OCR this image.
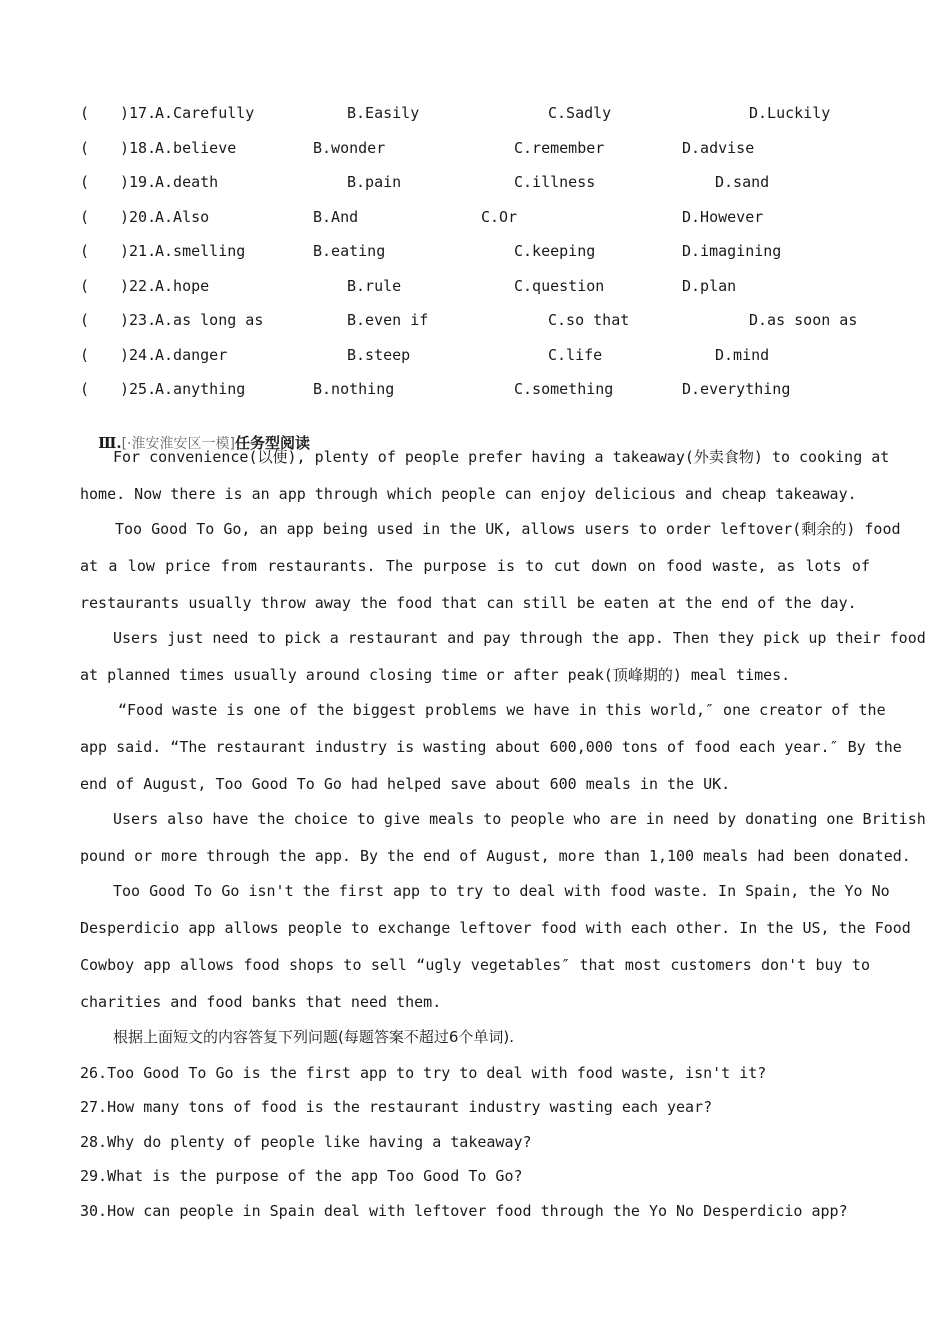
( )17.
A.Carefully	B.Easily	C.Sadly	D.Luckily
( )18.
A.believe	B.wonder	C.remember	D.advise
( )19.
A.death	B.pain	C.illness	D.sand
( )20.
A.Also	B.And	C.Or	D.However
( )21.
A.smelling	B.eating	C.keeping	D.imagining
( )22.
A.hope	B.rule	C.question	D.plan
( )23.
A.as long as	B.even if	C.so that	D.as soon as
( )24.
A.danger	B.steep	C.life	D.mind
( )25.
A.anything	B.nothing	C.something	D.everything

Ⅲ.[·淮安淮安区一模]任务型阅读

For convenience(以便), plenty of people prefer having a takeaway(外卖食物) to cooking at
home. Now there is an app through which people can enjoy delicious and cheap takeaway.
Too Good To Go, an app being used in the UK, allows users to order leftover(剩余的) food
at a low price from restaurants. The purpose is to cut down on food waste, as lots of
restaurants usually throw away the food that can still be eaten at the end of the day.
Users just need to pick a restaurant and pay through the app. Then they pick up their food
at planned times usually around closing time or after peak(顶峰期的) meal times.
“Food waste is one of the biggest problems we have in this world,″ one creator of the
app said. “The restaurant industry is wasting about 600,000 tons of food each year.″ By the
end of August, Too Good To Go had helped save about 600 meals in the UK.
Users also have the choice to give meals to people who are in need by donating one British
pound or more through the app. By the end of August, more than 1,100 meals had been donated.
Too Good To Go isn't the first app to try to deal with food waste. In Spain, the Yo No
Desperdicio app allows people to exchange leftover food with each other. In the US, the Food
Cowboy app allows food shops to sell “ugly vegetables″ that most customers don't buy to
charities and food banks that need them.
根据上面短文的内容答复下列问题(每题答案不超过6个单词).
26.Too Good To Go is the first app to try to deal with food waste, isn't it?
27.How many tons of food is the restaurant industry wasting each year?
28.Why do plenty of people like having a takeaway?
29.What is the purpose of the app Too Good To Go?
30.How can people in Spain deal with leftover food through the Yo No Desperdicio app?
